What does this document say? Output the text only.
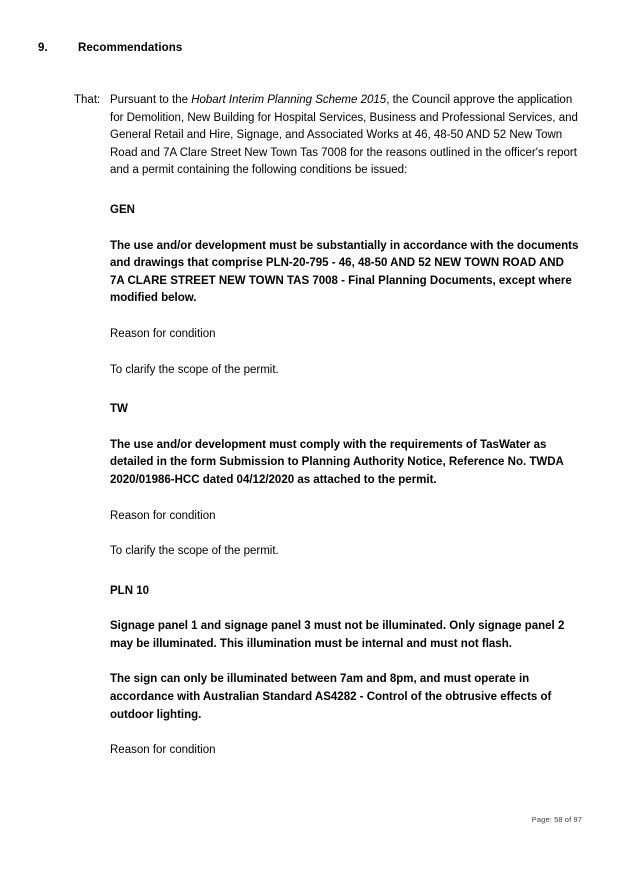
9.	Recommendations
That: Pursuant to the Hobart Interim Planning Scheme 2015, the Council approve the application for Demolition, New Building for Hospital Services, Business and Professional Services, and General Retail and Hire, Signage, and Associated Works at 46, 48-50 AND 52 New Town Road and 7A Clare Street New Town Tas 7008 for the reasons outlined in the officer's report and a permit containing the following conditions be issued:
GEN

The use and/or development must be substantially in accordance with the documents and drawings that comprise PLN-20-795 - 46, 48-50 AND 52 NEW TOWN ROAD AND 7A CLARE STREET NEW TOWN TAS 7008 - Final Planning Documents, except where modified below.

Reason for condition

To clarify the scope of the permit.

TW

The use and/or development must comply with the requirements of TasWater as detailed in the form Submission to Planning Authority Notice, Reference No. TWDA 2020/01986-HCC dated 04/12/2020 as attached to the permit.

Reason for condition

To clarify the scope of the permit.

PLN 10

Signage panel 1 and signage panel 3 must not be illuminated. Only signage panel 2 may be illuminated. This illumination must be internal and must not flash.

The sign can only be illuminated between 7am and 8pm, and must operate in accordance with Australian Standard AS4282 - Control of the obtrusive effects of outdoor lighting.

Reason for condition

Page: 58 of 97
